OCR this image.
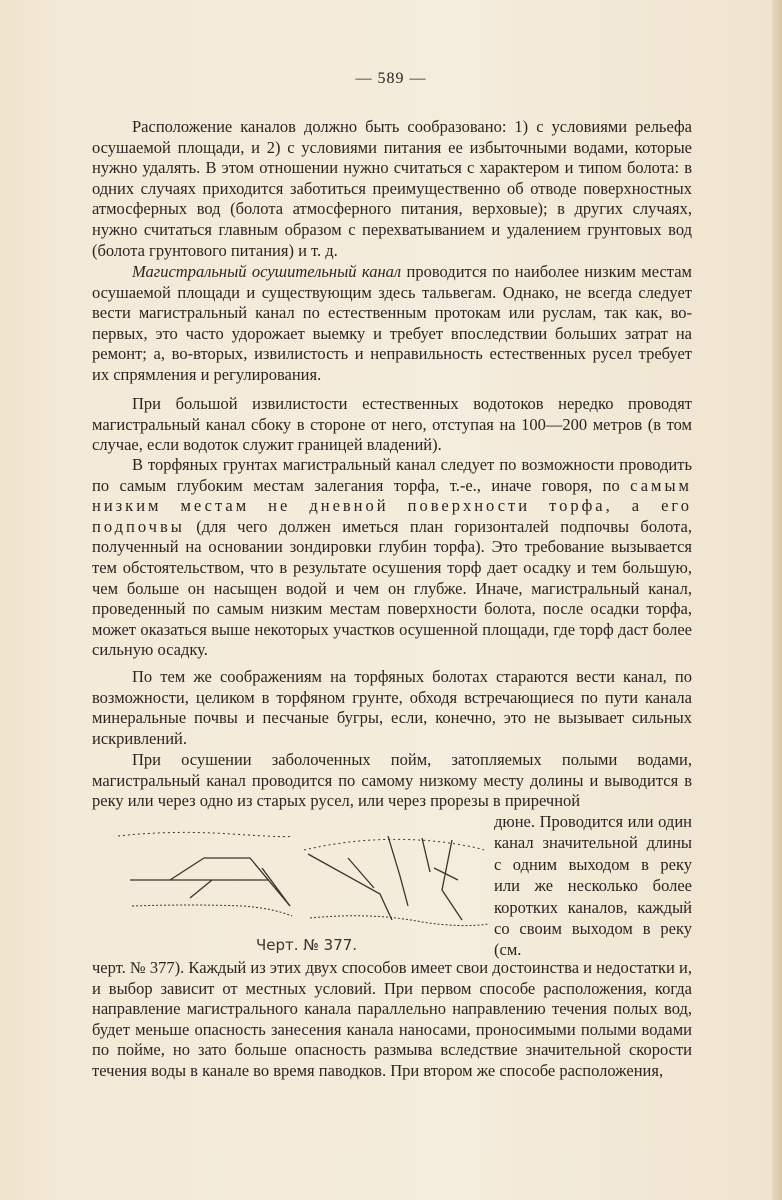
— 589 —

Расположение каналов должно быть сообразовано: 1) с условиями рельефа осушаемой площади, и 2) с условиями питания ее избыточными водами, которые нужно удалять. В этом отношении нужно считаться с характером и типом болота: в одних случаях приходится заботиться преимущественно об отводе поверхностных атмосферных вод (болота атмосферного питания, верховые); в других случаях, нужно считаться главным образом с перехватыванием и удалением грунтовых вод (болота грунтового питания) и т. д.

Магистральный осушительный канал проводится по наиболее низким местам осушаемой площади и существующим здесь тальвегам. Однако, не всегда следует вести магистральный канал по естественным протокам или руслам, так как, во-первых, это часто удорожает выемку и требует впоследствии больших затрат на ремонт; а, во-вторых, извилистость и неправильность естественных русел требует их спрямления и регулирования.

При большой извилистости естественных водотоков нередко проводят магистральный канал сбоку в стороне от него, отступая на 100—200 метров (в том случае, если водоток служит границей владений).

В торфяных грунтах магистральный канал следует по возможности проводить по самым глубоким местам залегания торфа, т.-е., иначе говоря, по самым низким местам не дневной поверхности торфа, а его подпочвы (для чего должен иметься план горизонталей подпочвы болота, полученный на основании зондировки глубин торфа). Это требование вызывается тем обстоятельством, что в результате осушения торф дает осадку и тем большую, чем больше он насыщен водой и чем он глубже. Иначе, магистральный канал, проведенный по самым низким местам поверхности болота, после осадки торфа, может оказаться выше некоторых участков осушенной площади, где торф даст более сильную осадку.

По тем же соображениям на торфяных болотах стараются вести канал, по возможности, целиком в торфяном грунте, обходя встречающиеся по пути канала минеральные почвы и песчаные бугры, если, конечно, это не вызывает сильных искривлений.

При осушении заболоченных пойм, затопляемых полыми водами, магистральный канал проводится по самому низкому месту долины и выводится в реку или через одно из старых русел, или через прорезы в приречной

Черт. № 377.

дюне. Проводится или один канал значительной длины с одним выходом в реку или же несколько более коротких каналов, каждый со своим выходом в реку (см.

черт. № 377). Каждый из этих двух способов имеет свои достоинства и недостатки и, и выбор зависит от местных условий. При первом способе расположения, когда направление магистрального канала параллельно направлению течения полых вод, будет меньше опасность занесения канала наносами, проносимыми полыми водами по пойме, но зато больше опасность размыва вследствие значительной скорости течения воды в канале во время паводков. При втором же способе расположения,
